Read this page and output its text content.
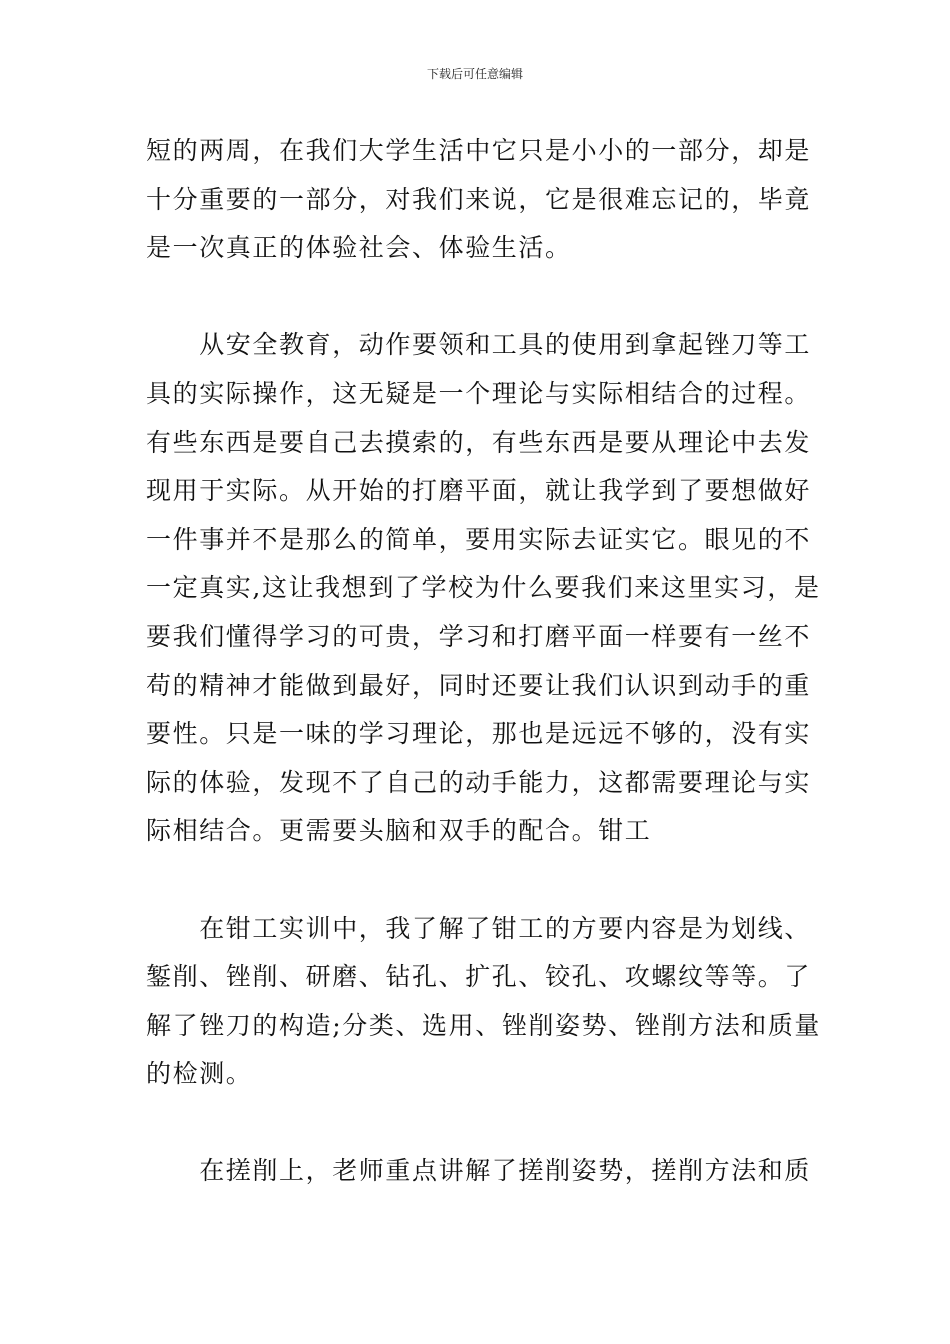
下载后可任意编辑

短的两周，在我们大学生活中它只是小小的一部分，却是
十分重要的一部分，对我们来说，它是很难忘记的，毕竟
是一次真正的体验社会、体验生活。

　　从安全教育，动作要领和工具的使用到拿起锉刀等工
具的实际操作，这无疑是一个理论与实际相结合的过程。
有些东西是要自己去摸索的，有些东西是要从理论中去发
现用于实际。从开始的打磨平面，就让我学到了要想做好
一件事并不是那么的简单，要用实际去证实它。眼见的不
一定真实,这让我想到了学校为什么要我们来这里实习，是
要我们懂得学习的可贵，学习和打磨平面一样要有一丝不
苟的精神才能做到最好，同时还要让我们认识到动手的重
要性。只是一味的学习理论，那也是远远不够的，没有实
际的体验，发现不了自己的动手能力，这都需要理论与实
际相结合。更需要头脑和双手的配合。钳工

　　在钳工实训中，我了解了钳工的方要内容是为划线、
錾削、锉削、研磨、钻孔、扩孔、铰孔、攻螺纹等等。了
解了锉刀的构造;分类、选用、锉削姿势、锉削方法和质量
的检测。

　　在搓削上，老师重点讲解了搓削姿势，搓削方法和质
